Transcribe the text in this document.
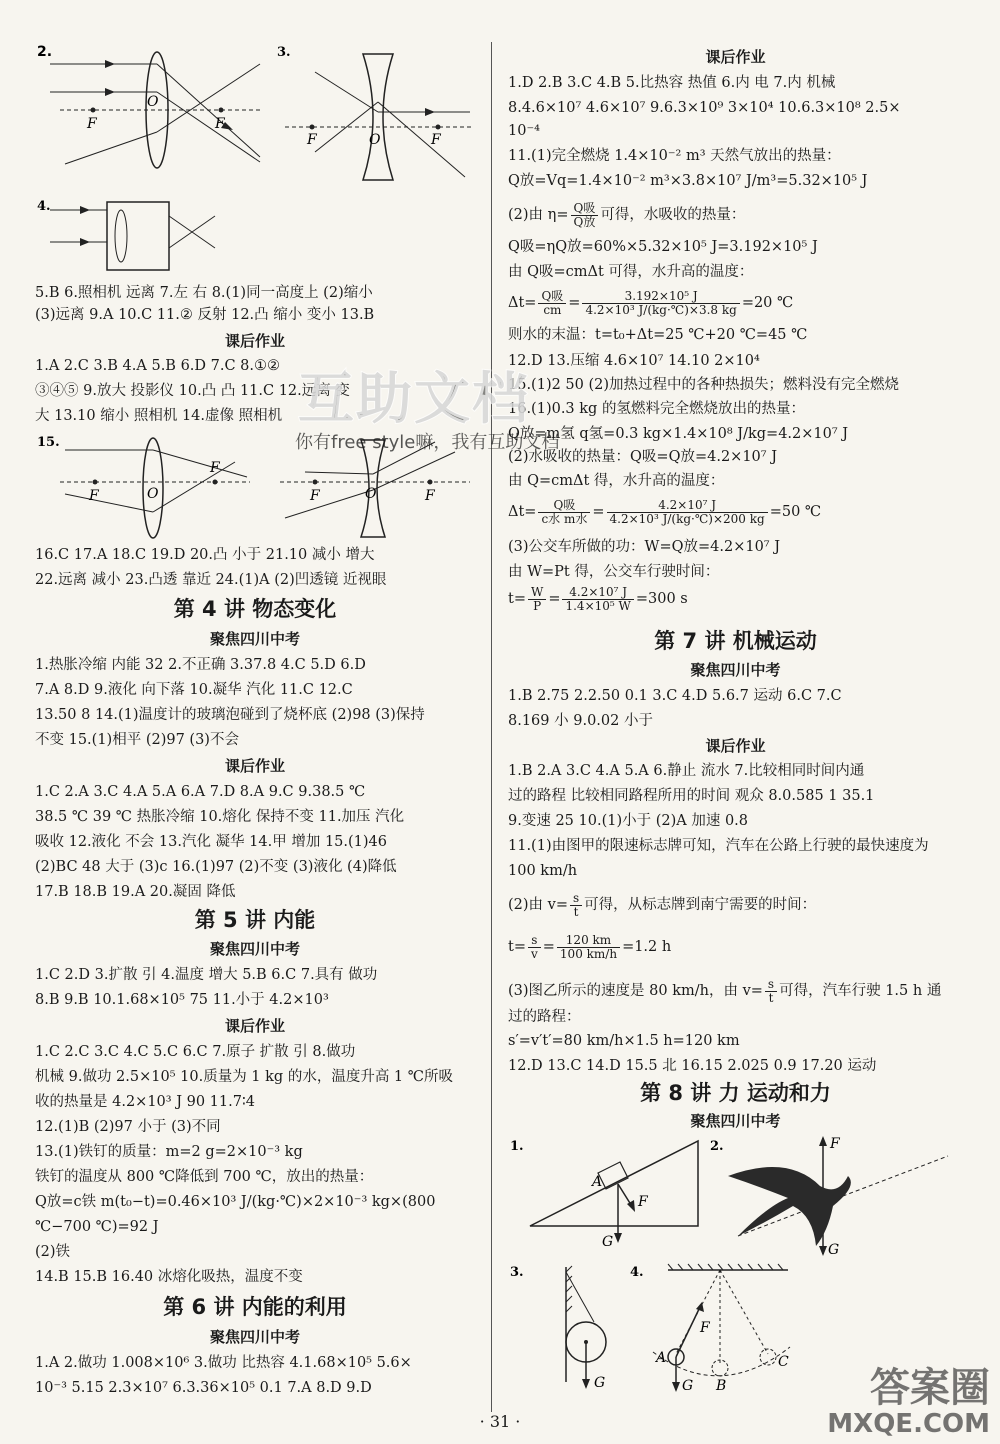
2.
F	F
O
3.
F	O	F
4.
5.B 6.照相机 远离 7.左 右 8.(1)同一高度上 (2)缩小
(3)远离 9.A 10.C 11.② 反射 12.凸 缩小 变小 13.B
课后作业
1.A 2.C 3.B 4.A 5.B 6.D 7.C 8.①②
③④⑤ 9.放大 投影仪 10.凸 凸 11.C 12.远离 变
大 13.10 缩小 照相机 14.虚像 照相机
15.
F
F
O	F	F
O
16.C 17.A 18.C 19.D 20.凸 小于 21.10 减小 增大
22.远离 减小 23.凸透 靠近 24.(1)A (2)凹透镜 近视眼
第 4 讲 物态变化
聚焦四川中考
1.热胀冷缩 内能 32 2.不正确 3.37.8 4.C 5.D 6.D
7.A 8.D 9.液化 向下落 10.凝华 汽化 11.C 12.C
13.50 8 14.(1)温度计的玻璃泡碰到了烧杯底 (2)98 (3)保持
不变 15.(1)相平 (2)97 (3)不会
课后作业
1.C 2.A 3.C 4.A 5.A 6.A 7.D 8.A 9.C 9.38.5 ℃
38.5 ℃ 39 ℃ 热胀冷缩 10.熔化 保持不变 11.加压 汽化
吸收 12.液化 不会 13.汽化 凝华 14.甲 增加 15.(1)46
(2)BC 48 大于 (3)c 16.(1)97 (2)不变 (3)液化 (4)降低
17.B 18.B 19.A 20.凝固 降低
第 5 讲 内能
聚焦四川中考
1.C 2.D 3.扩散 引 4.温度 增大 5.B 6.C 7.具有 做功
8.B 9.B 10.1.68×10⁵ 75 11.小于 4.2×10³
课后作业
1.C 2.C 3.C 4.C 5.C 6.C 7.原子 扩散 引 8.做功
机械 9.做功 2.5×10⁵ 10.质量为 1 kg 的水，温度升高 1 ℃所吸
收的热量是 4.2×10³ J 90 11.7∶4
12.(1)B (2)97 小于 (3)不同
13.(1)铁钉的质量：m=2 g=2×10⁻³ kg
铁钉的温度从 800 ℃降低到 700 ℃，放出的热量：
Q放=c铁 m(t₀−t)=0.46×10³ J/(kg·℃)×2×10⁻³ kg×(800
℃−700 ℃)=92 J
(2)铁
14.B 15.B 16.40 冰熔化吸热，温度不变
第 6 讲 内能的利用
聚焦四川中考
1.A 2.做功 1.008×10⁶ 3.做功 比热容 4.1.68×10⁵ 5.6×
10⁻³ 5.15 2.3×10⁷ 6.3.36×10⁵ 0.1 7.A 8.D 9.D
课后作业
1.D 2.B 3.C 4.B 5.比热容 热值 6.内 电 7.内 机械
8.4.6×10⁷ 4.6×10⁷ 9.6.3×10⁹ 3×10⁴ 10.6.3×10⁸ 2.5×
10⁻⁴
11.(1)完全燃烧 1.4×10⁻² m³ 天然气放出的热量：
Q放=Vq=1.4×10⁻² m³×3.8×10⁷ J/m³=5.32×10⁵ J
(2)由 $\eta= \frac{\text{Q吸}}{\text{Q放}}$ 可得，水吸收的热量：
Q吸=ηQ放=60%×5.32×10⁵ J=3.192×10⁵ J
由 Q吸=cmΔt 可得，水升高的温度：
$\Delta t= \frac{\text{Q吸}}{cm} = \frac{\text{3.192×10⁵ J}}{\text{4.2×10³ J/(kg·℃)×3.8 kg}} =20$ ℃
则水的末温：t=t₀+Δt=25 ℃+20 ℃=45 ℃
12.D 13.压缩 4.6×10⁷ 14.10 2×10⁴
15.(1)2 50 (2)加热过程中的各种热损失；燃料没有完全燃烧
16.(1)0.3 kg 的氢燃料完全燃烧放出的热量：
Q放=m氢 q氢=0.3 kg×1.4×10⁸ J/kg=4.2×10⁷ J
(2)水吸收的热量：Q吸=Q放=4.2×10⁷ J
由 Q=cmΔt 得，水升高的温度：
$\Delta t= \frac{\text{Q吸}}{\text{c水 m水}} = \frac{\text{4.2×10⁷ J}}{\text{4.2×10³ J/(kg·℃)×200 kg}} =50$ ℃
(3)公交车所做的功：W=Q放=4.2×10⁷ J
由 W=Pt 得，公交车行驶时间：
$t= \frac{W}{P} = \frac{\text{4.2×10⁷ J}}{\text{1.4×10⁵ W}} =300$ s
第 7 讲 机械运动
聚焦四川中考
1.B 2.75 2.2.50 0.1 3.C 4.D 5.6.7 运动 6.C 7.C
8.169 小 9.0.02 小于
课后作业
1.B 2.A 3.C 4.A 5.A 6.静止 流水 7.比较相同时间内通
过的路程 比较相同路程所用的时间 观众 8.0.585 1 35.1
9.变速 25 10.(1)小于 (2)A 加速 0.8
11.(1)由图甲的限速标志牌可知，汽车在公路上行驶的最快速度为
100 km/h
(2)由 $v= \frac{s}{t}$ 可得，从标志牌到南宁需要的时间：
$t= \frac{s}{v} = \frac{120 km}{100 km/h} =1.2$ h
(3)图乙所示的速度是 80 km/h，由 $v= \frac{s}{t}$ 可得，汽车行驶 1.5 h 通
过的路程：
s′=v′t′=80 km/h×1.5 h=120 km
12.D 13.C 14.D 15.5 北 16.15 2.025 0.9 17.20 运动
第 8 讲 力 运动和力
聚焦四川中考
1.
A
F
G
2.	F
G
3.
G
4.
A
B
C
F
G
互助文档
你有free style嘛，我有互助文档
答案圈
MXQE.COM
· 31 ·
